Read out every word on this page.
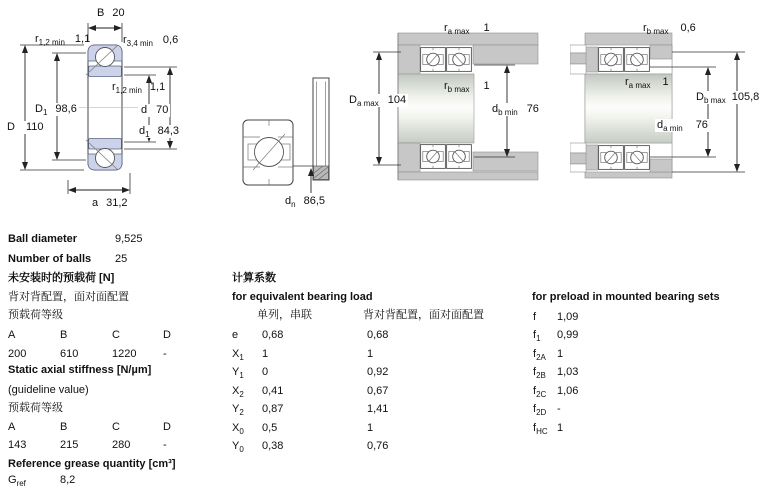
B 20
$r_{1,2 min}$ 1,1	$r_{3,4 min}$ 0,6
$D_1$ 98,6
D 110
$r_{1,2 min}$ 1,1
d 70
$d_1$ 84,3
a 31,2	$d_n$ 86,5
$r_{a max}$ 1
$D_{a max}$ 104
$r_{b max}$ 1
$d_{b min}$ 76
$r_{b max}$ 0,6
$r_{a max}$ 1
$D_{b max}$ 105,8
$d_{a min}$ 76
Ball diameter	9,525
Number of balls 25
未安装时的预载荷 [N]
背对背配置，面对面配置
预载荷等级
A	B	C	D
200	610	1220 -
Static axial stiffness [N/µm]
(guideline value)
预载荷等级
A	B	C	D
143	215	280	-
Reference grease quantity [cm³]
$G_{ref}$	8,2
计算系数
for equivalent bearing load
单列，串联	背对背配置，面对面配置
e 0,68	0,68
$X_1$ 1	1
$Y_1$ 0	0,92
$X_2$ 0,41	0,67
$Y_2$ 0,87	1,41
$X_0$ 0,5	1
$Y_0$ 0,38	0,76
for preload in mounted bearing sets
f 1,09
$f_1$ 0,99
$f_{2A}$ 1
$f_{2B}$ 1,03
$f_{2C}$ 1,06
$f_{2D}$ -
$f_{HC}$ 1
